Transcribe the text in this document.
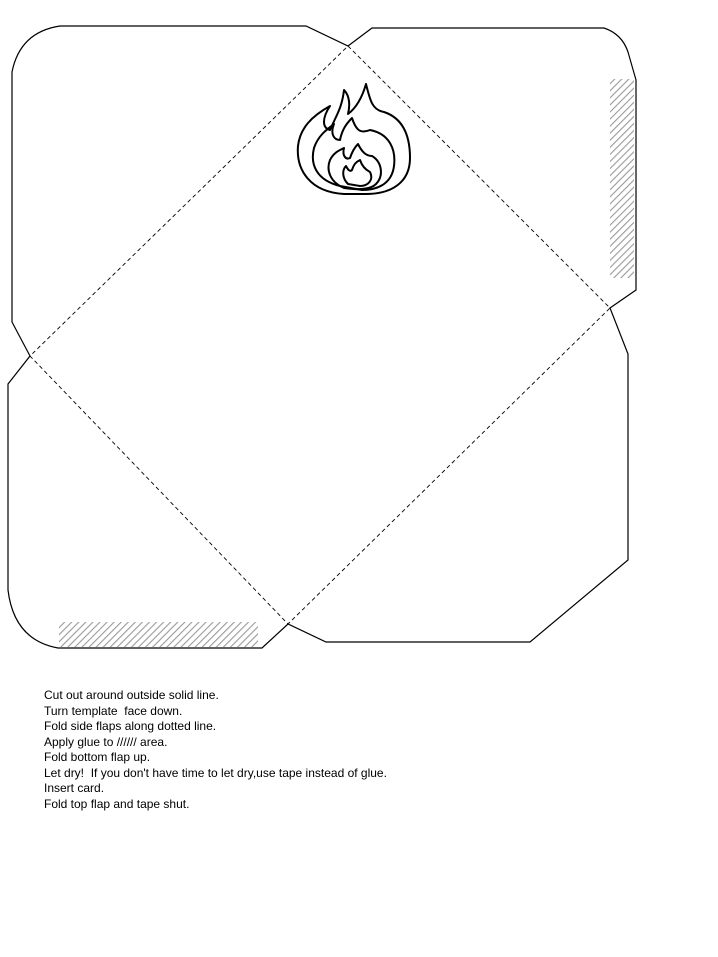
Cut out around outside solid line.
Turn template  face down.
Fold side flaps along dotted line.
Apply glue to ////// area.
Fold bottom flap up.
Let dry!  If you don't have time to let dry,use tape instead of glue.
Insert card.
Fold top flap and tape shut.
